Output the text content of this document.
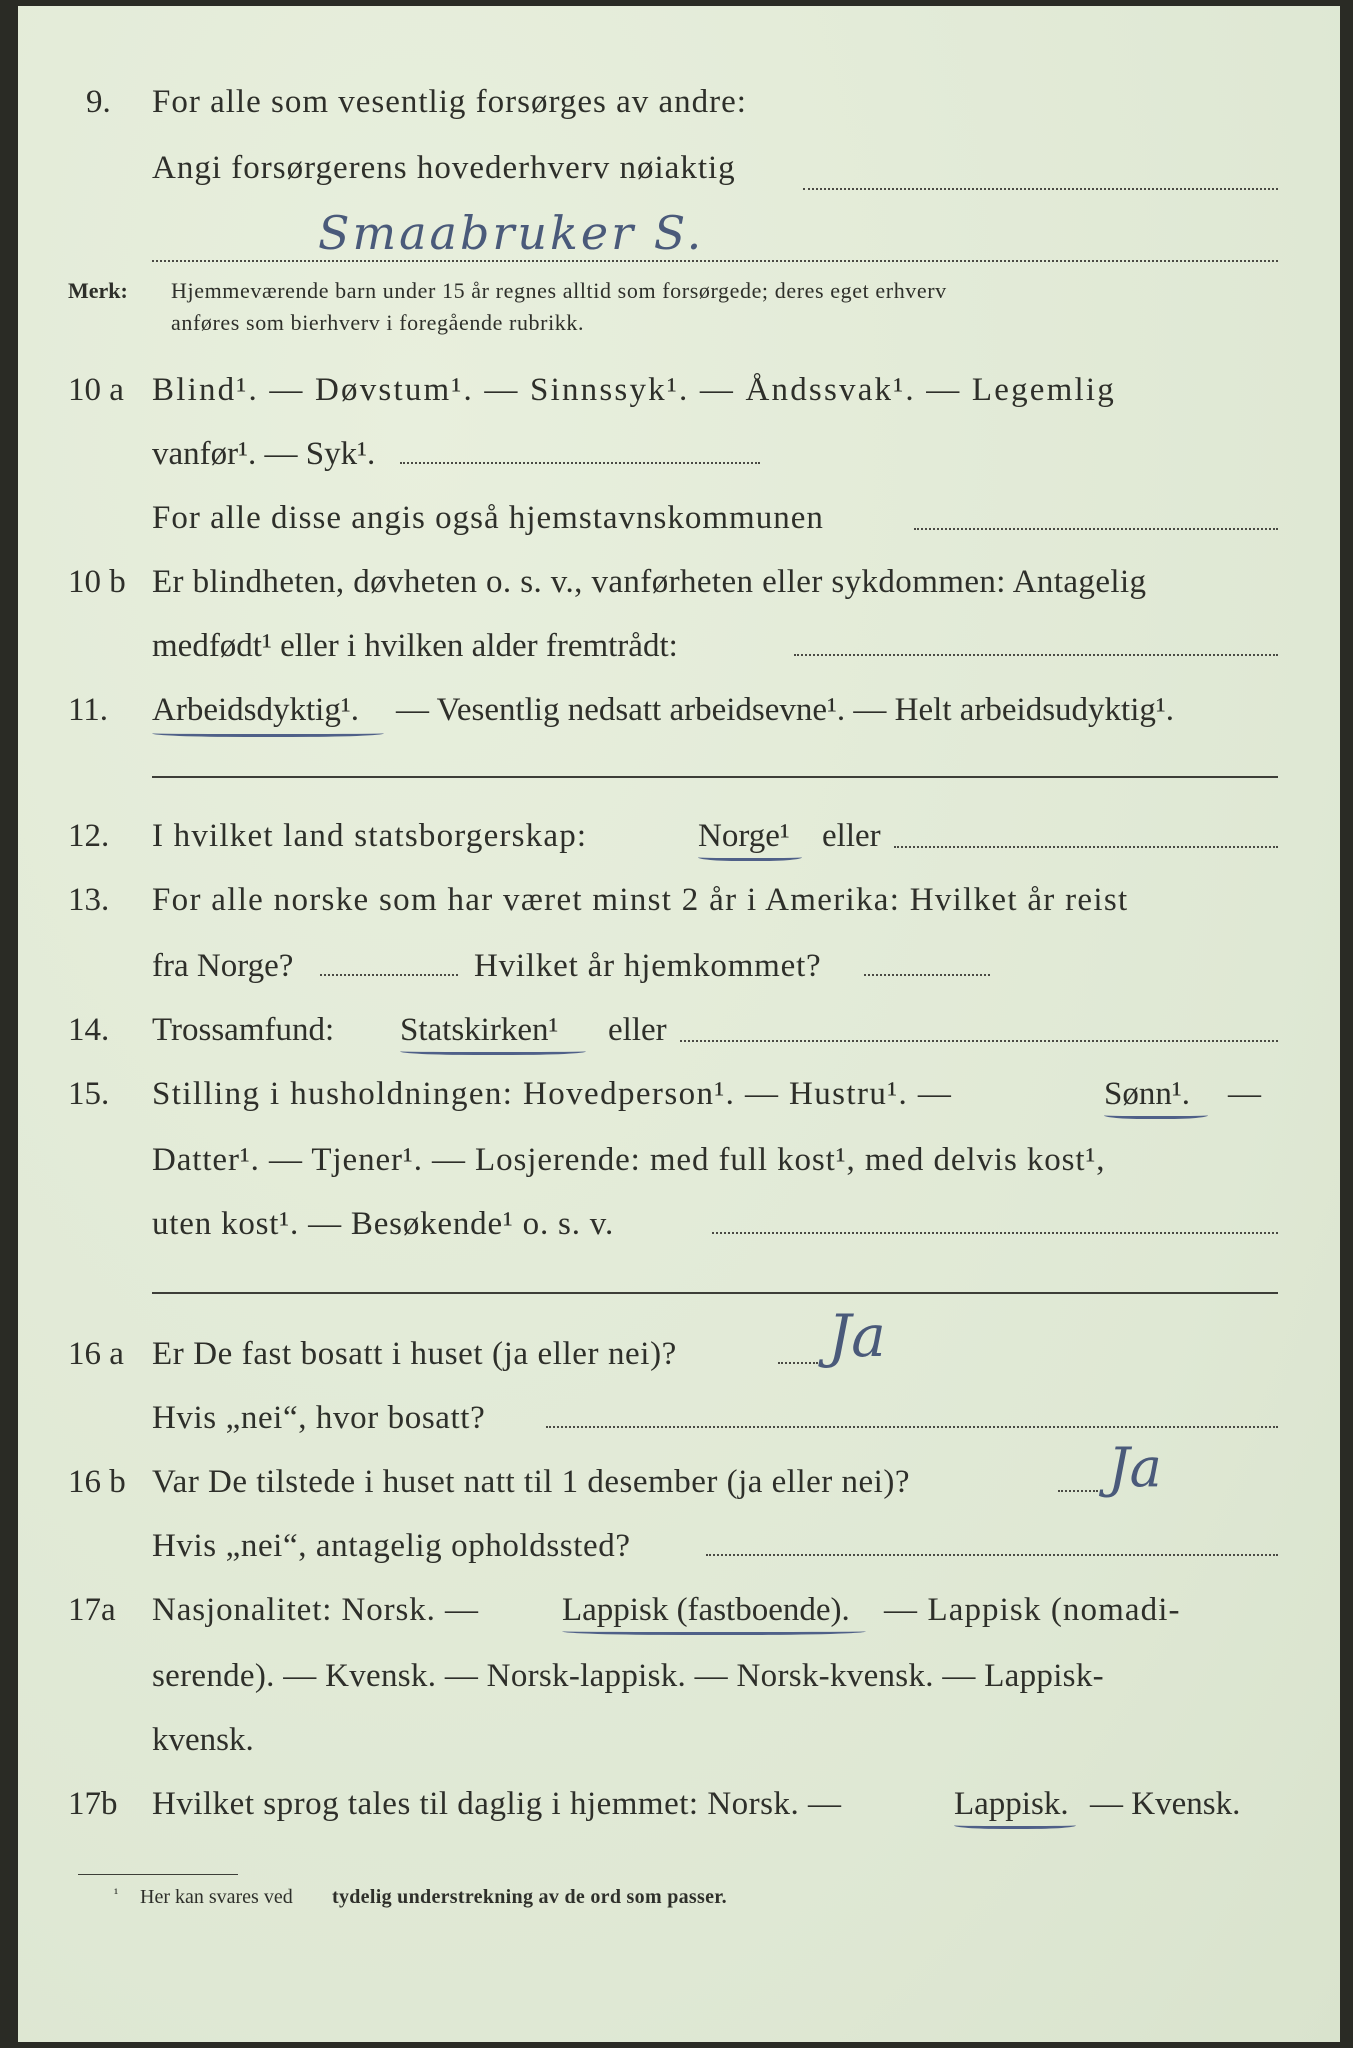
9. For alle som vesentlig forsørges av andre:
Angi forsørgerens hovederhverv nøiaktig
Smaabruker S.
Merk: Hjemmeværende barn under 15 år regnes alltid som forsørgede; deres eget erhverv
anføres som bierhverv i foregående rubrikk.
10 a Blind¹. — Døvstum¹. — Sinnssyk¹. — Åndssvak¹. — Legemlig
vanfør¹. — Syk¹.
For alle disse angis også hjemstavnskommunen
10 b Er blindheten, døvheten o. s. v., vanførheten eller sykdommen: Antagelig
medfødt¹ eller i hvilken alder fremtrådt:
11. Arbeidsdyktig¹. — Vesentlig nedsatt arbeidsevne¹. — Helt arbeidsudyktig¹.
12. I hvilket land statsborgerskap:	Norge¹ eller
13. For alle norske som har været minst 2 år i Amerika: Hvilket år reist
fra Norge?	Hvilket år hjemkommet?
14. Trossamfund: Statskirken¹ eller
15. Stilling i husholdningen: Hovedperson¹. — Hustru¹. —	Sønn¹. —
Datter¹. — Tjener¹. — Losjerende: med full kost¹, med delvis kost¹,
uten kost¹. — Besøkende¹ o. s. v.
16 a Er De fast bosatt i huset (ja eller nei)?	Ja
Hvis „nei“, hvor bosatt?
16 b Var De tilstede i huset natt til 1 desember (ja eller nei)?	Ja
Hvis „nei“, antagelig opholdssted?
17a Nasjonalitet: Norsk. —	Lappisk (fastboende). — Lappisk (nomadi-
serende). — Kvensk. — Norsk-lappisk. — Norsk-kvensk. — Lappisk-
kvensk.
17b Hvilket sprog tales til daglig i hjemmet: Norsk. —	Lappisk. — Kvensk.
¹ Her kan svares ved tydelig understrekning av de ord som passer.
